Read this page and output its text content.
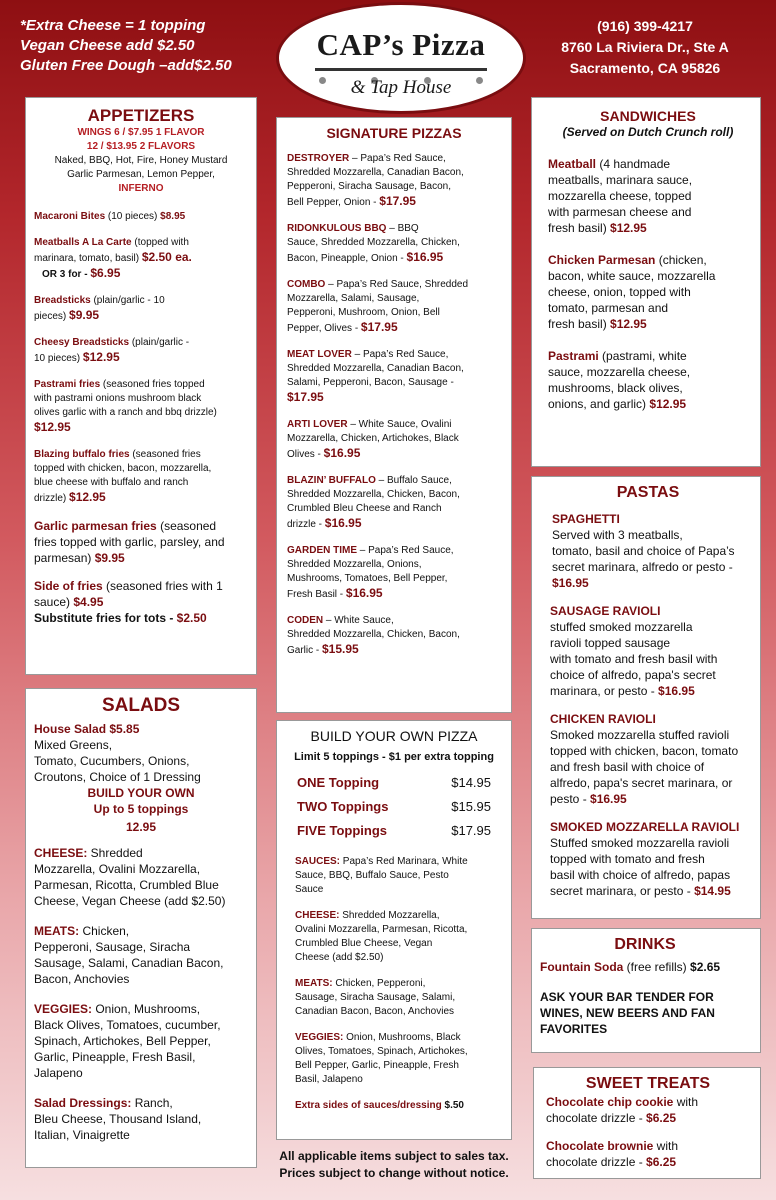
*Extra Cheese = 1 topping
Vegan Cheese add $2.50
Gluten Free Dough –add$2.50
CAP’s Pizza
& Tap House
(916) 399-4217
8760 La Riviera Dr., Ste A
Sacramento, CA 95826
APPETIZERS
WINGS 6 / $7.95 1 FLAVOR
12 / $13.95 2 FLAVORS
Naked, BBQ, Hot, Fire, Honey Mustard
Garlic Parmesan, Lemon Pepper,
INFERNO
Macaroni Bites (10 pieces) $8.95
Meatballs A La Carte (topped with
marinara, tomato, basil) $2.50 ea.
OR 3 for - $6.95
Breadsticks (plain/garlic - 10
pieces) $9.95
Cheesy Breadsticks (plain/garlic -
10 pieces) $12.95
Pastrami fries (seasoned fries topped
with pastrami onions mushroom black
olives garlic with a ranch and bbq drizzle)
$12.95
Blazing buffalo fries (seasoned fries
topped with chicken, bacon, mozzarella,
blue cheese with buffalo and ranch
drizzle) $12.95
Garlic parmesan fries (seasoned
fries topped with garlic, parsley, and
parmesan) $9.95
Side of fries (seasoned fries with 1
sauce) $4.95
Substitute fries for tots - $2.50
SALADS
House Salad $5.85
Mixed Greens,
Tomato, Cucumbers, Onions,
Croutons, Choice of 1 Dressing
BUILD YOUR OWN
Up to 5 toppings
12.95
CHEESE: Shredded
Mozzarella, Ovalini Mozzarella,
Parmesan, Ricotta, Crumbled Blue
Cheese, Vegan Cheese (add $2.50)
MEATS: Chicken,
Pepperoni, Sausage, Siracha
Sausage, Salami, Canadian Bacon,
Bacon, Anchovies
VEGGIES: Onion, Mushrooms,
Black Olives, Tomatoes, cucumber,
Spinach, Artichokes, Bell Pepper,
Garlic, Pineapple, Fresh Basil,
Jalapeno
Salad Dressings: Ranch,
Bleu Cheese, Thousand Island,
Italian, Vinaigrette
SIGNATURE PIZZAS
DESTROYER – Papa’s Red Sauce,
Shredded Mozzarella, Canadian Bacon,
Pepperoni, Siracha Sausage, Bacon,
Bell Pepper, Onion - $17.95
RIDONKULOUS BBQ – BBQ
Sauce, Shredded Mozzarella, Chicken,
Bacon, Pineapple, Onion - $16.95
COMBO – Papa’s Red Sauce, Shredded
Mozzarella, Salami, Sausage,
Pepperoni, Mushroom, Onion, Bell
Pepper, Olives - $17.95
MEAT LOVER – Papa’s Red Sauce,
Shredded Mozzarella, Canadian Bacon,
Salami, Pepperoni, Bacon, Sausage -
$17.95
ARTI LOVER – White Sauce, Ovalini
Mozzarella, Chicken, Artichokes, Black
Olives - $16.95
BLAZIN’ BUFFALO – Buffalo Sauce,
Shredded Mozzarella, Chicken, Bacon,
Crumbled Bleu Cheese and Ranch
drizzle - $16.95
GARDEN TIME – Papa’s Red Sauce,
Shredded Mozzarella, Onions,
Mushrooms, Tomatoes, Bell Pepper,
Fresh Basil - $16.95
CODEN – White Sauce,
Shredded Mozzarella, Chicken, Bacon,
Garlic - $15.95
BUILD YOUR OWN PIZZA
Limit 5 toppings - $1 per extra topping
ONE Topping	$14.95
TWO Toppings	$15.95
FIVE Toppings	$17.95
SAUCES: Papa’s Red Marinara, White
Sauce, BBQ, Buffalo Sauce, Pesto
Sauce
CHEESE: Shredded Mozzarella,
Ovalini Mozzarella, Parmesan, Ricotta,
Crumbled Blue Cheese, Vegan
Cheese (add $2.50)
MEATS: Chicken, Pepperoni,
Sausage, Siracha Sausage, Salami,
Canadian Bacon, Bacon, Anchovies
VEGGIES: Onion, Mushrooms, Black
Olives, Tomatoes, Spinach, Artichokes,
Bell Pepper, Garlic, Pineapple, Fresh
Basil, Jalapeno
Extra sides of sauces/dressing $.50
All applicable items subject to sales tax.
Prices subject to change without notice.
SANDWICHES
(Served on Dutch Crunch roll)
Meatball (4 handmade
meatballs, marinara sauce,
mozzarella cheese, topped
with parmesan cheese and
fresh basil) $12.95
Chicken Parmesan (chicken,
bacon, white sauce, mozzarella
cheese, onion, topped with
tomato, parmesan and
fresh basil) $12.95
Pastrami (pastrami, white
sauce, mozzarella cheese,
mushrooms, black olives,
onions, and garlic) $12.95
PASTAS
SPAGHETTI
Served with 3 meatballs,
tomato, basil and choice of Papa’s
secret marinara, alfredo or pesto -
$16.95
SAUSAGE RAVIOLI
stuffed smoked mozzarella
ravioli topped sausage
with tomato and fresh basil with
choice of alfredo, papa's secret
marinara, or pesto - $16.95
CHICKEN RAVIOLI
Smoked mozzarella stuffed ravioli
topped with chicken, bacon, tomato
and fresh basil with choice of
alfredo, papa's secret marinara, or
pesto - $16.95
SMOKED MOZZARELLA RAVIOLI
Stuffed smoked mozzarella ravioli
topped with tomato and fresh
basil with choice of alfredo, papas
secret marinara, or pesto - $14.95
DRINKS
Fountain Soda (free refills) $2.65
ASK YOUR BAR TENDER FOR
WINES, NEW BEERS AND FAN
FAVORITES
SWEET TREATS
Chocolate chip cookie with
chocolate drizzle - $6.25
Chocolate brownie with
chocolate drizzle - $6.25
